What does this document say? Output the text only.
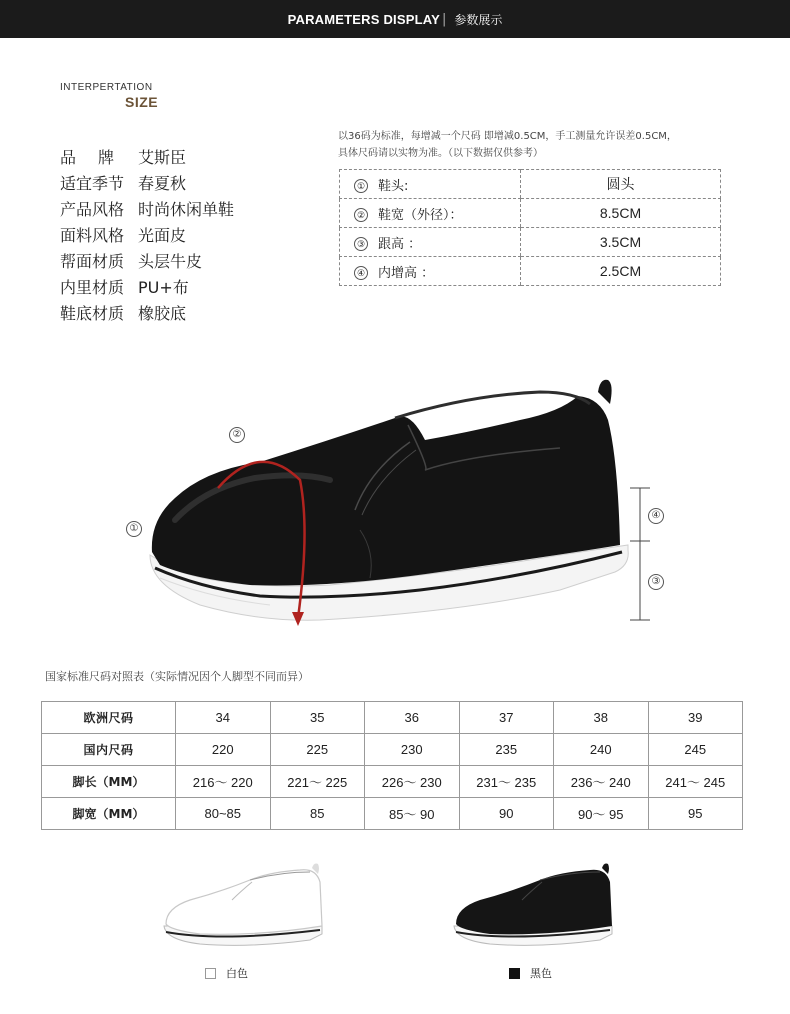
PARAMETERS DISPLAY | 参数展示
INTERPERTATION
SIZE
品牌 艾斯臣
适宜季节 春夏秋
产品风格 时尚休闲单鞋
面料风格 光面皮
帮面材质 头层牛皮
内里材质 PU+布
鞋底材质 橡胶底
以36码为标准，每增减一个尺码 即增减0.5CM，手工测量允许误差0.5CM，
具体尺码请以实物为准。（以下数据仅供参考）
① 鞋头:	圆头
② 鞋宽（外径）：	8.5CM
③ 跟高 ：	3.5CM
④ 内增高 ：	2.5CM
②
①
④
③
国家标准尺码对照表（实际情况因个人脚型不同而异）
欧洲尺码	34	35	36	37	38	39
国内尺码	220	225	230	235	240	245
脚长（MM）	216～ 220	221～ 225	226～ 230	231～ 235	236～ 240	241～ 245
脚宽（MM）	80~85	85	85～ 90	90	90～ 95	95
白色	黑色
